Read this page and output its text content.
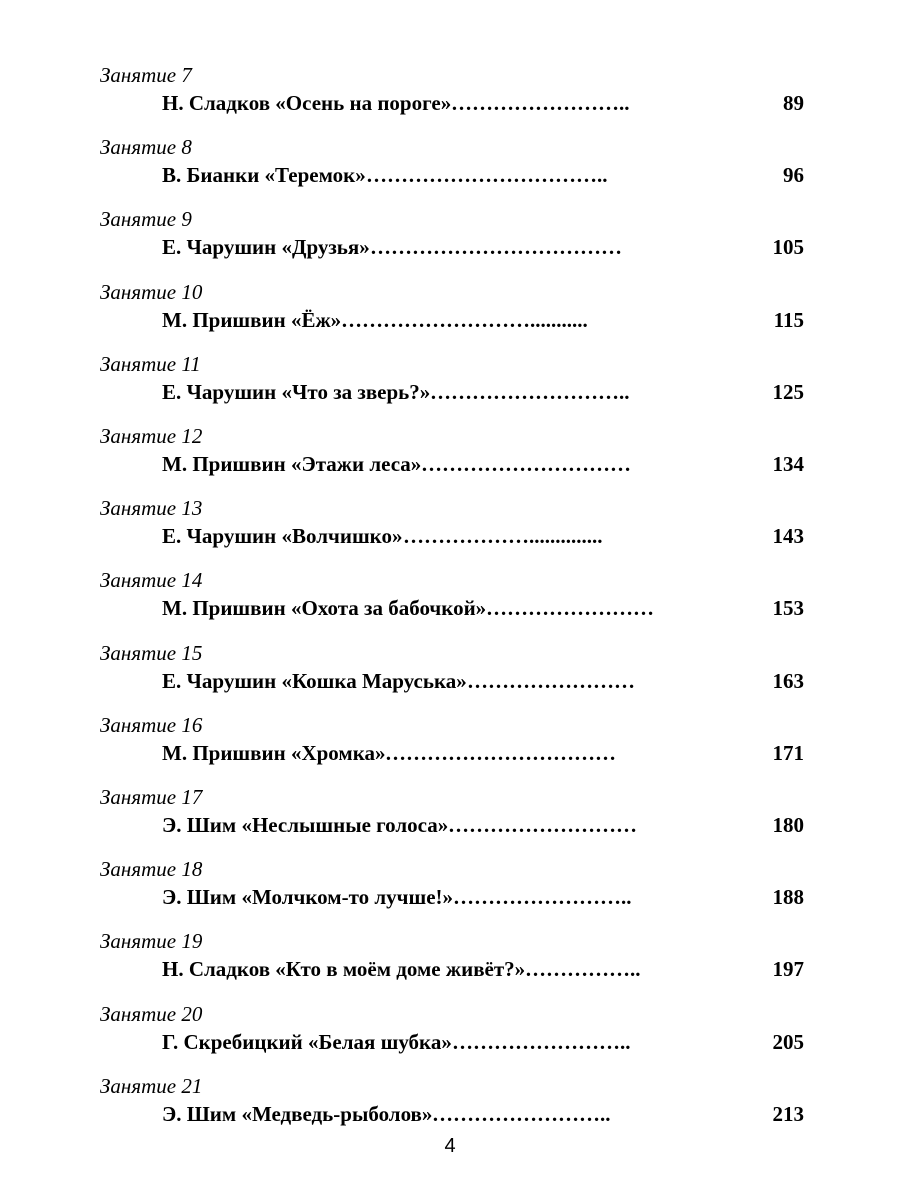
Занятие 7
Н. Сладков «Осень на пороге» ……………………..	89
Занятие 8
В. Бианки «Теремок» ……………………………..	96
Занятие 9
Е. Чарушин «Друзья» ………………………………	105
Занятие 10
М. Пришвин «Ёж» ………………………...........	115
Занятие 11
Е. Чарушин «Что за зверь?» ………………………..	125
Занятие 12
М. Пришвин «Этажи леса» …………………………	134
Занятие 13
Е. Чарушин «Волчишко» ………………..............	143
Занятие 14
М. Пришвин «Охота за бабочкой» ……………………	153
Занятие 15
Е. Чарушин «Кошка Маруська» ……………………	163
Занятие 16
М. Пришвин «Хромка» ……………………………	171
Занятие 17
Э. Шим «Неслышные голоса» ………………………	180
Занятие 18
Э. Шим «Молчком-то лучше!» ……………………..	188
Занятие 19
Н. Сладков «Кто в моём доме живёт?» ……………..	197
Занятие 20
Г. Скребицкий «Белая шубка» ……………………..	205
Занятие 21
Э. Шим «Медведь-рыболов» ……………………..	213
4
